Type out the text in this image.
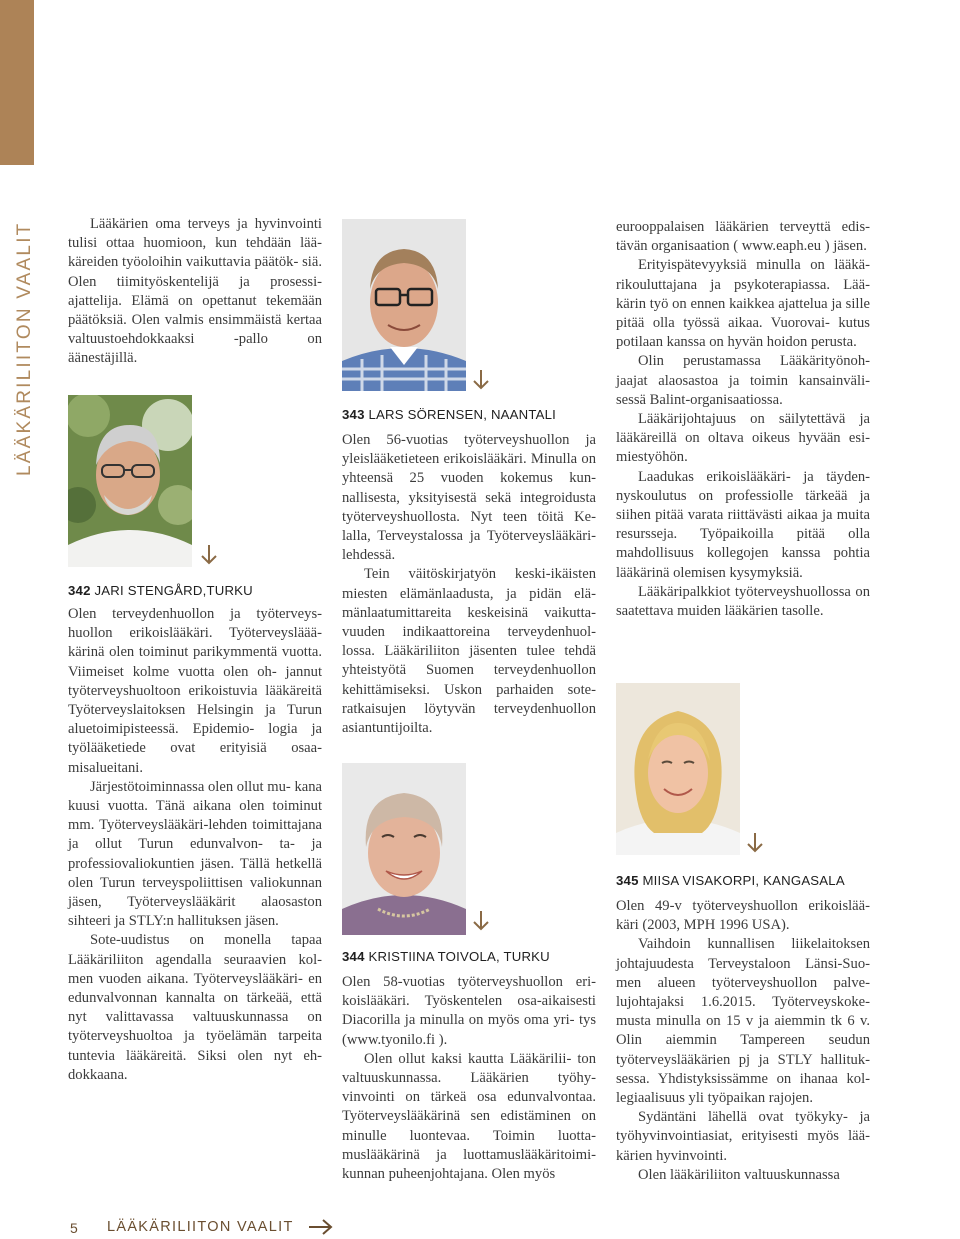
LÄÄKÄRILIITON VAALIT	Lääkärien oma terveys ja hyvinvointi tulisi ottaa huomioon, kun tehdään lää- käreiden työoloihin vaikuttavia päätök- siä. Olen tiimityöskentelijä ja prosessi- ajattelija. Elämä on opettanut tekemään päätöksiä. Olen valmis ensimmäistä kertaa valtuustoehdokkaaksi -pallo on äänestäjillä.

342 JARI STENGÅRD,TURKU

Olen terveydenhuollon ja työterveys- huollon erikoislääkäri. Työterveysläää- kärinä olen toiminut parikymmentä vuotta. Viimeiset kolme vuotta olen oh- jannut työterveyshuoltoon erikoistuvia lääkäreitä Työterveyslaitoksen Helsingin ja Turun aluetoimipisteessä. Epidemio- logia ja työlääketiede ovat erityisiä osaa- misalueitani.

Järjestötoiminnassa olen ollut mu- kana kuusi vuotta. Tänä aikana olen toiminut mm. Työterveyslääkäri-lehden toimittajana ja ollut Turun edunvalvon- ta- ja professiovaliokuntien jäsen. Tällä hetkellä olen Turun terveyspoliittisen valiokunnan jäsen, Työterveyslääkärit alaosaston sihteeri ja STLY:n hallituksen jäsen.

Sote-uudistus on monella tapaa Lääkäriliiton agendalla seuraavien kol- men vuoden aikana. Työterveyslääkäri- en edunvalvonnan kannalta on tärkeää, että nyt valittavassa valtuuskunnassa on työterveyshuoltoa ja työelämän tarpeita tuntevia lääkäreitä. Siksi olen nyt eh- dokkaana.

343 LARS SÖRENSEN, NAANTALI

Olen 56-vuotias työterveyshuollon ja yleislääketieteen erikoislääkäri. Minulla on yhteensä 25 vuoden kokemus kun- nallisesta, yksityisestä sekä integroidusta työterveyshuollosta. Nyt teen töitä Ke- lalla, Terveystalossa ja Työterveyslääkäri- lehdessä.

Tein väitöskirjatyön keski-ikäisten miesten elämänlaadusta, ja pidän elä- mänlaatumittareita keskeisinä vaikutta- vuuden indikaattoreina terveydenhuol- lossa. Lääkäriliiton jäsenten tulee tehdä yhteistyötä Suomen terveydenhuollon kehittämiseksi. Uskon parhaiden sote- ratkaisujen löytyvän terveydenhuollon asiantuntijoilta.

344 KRISTIINA TOIVOLA, TURKU

Olen 58-vuotias työterveyshuollon eri- koislääkäri. Työskentelen osa-aikaisesti Diacorilla ja minulla on myös oma yri- tys (www.tyonilo.fi ).

Olen ollut kaksi kautta Lääkärilii- ton valtuuskunnassa. Lääkärien työhy- vinvointi on tärkeä osa edunvalvontaa. Työterveyslääkärinä sen edistäminen on minulle luontevaa. Toimin luotta- muslääkärinä ja luottamuslääkäritoimi- kunnan puheenjohtajana. Olen myös

eurooppalaisen lääkärien terveyttä edis- tävän organisaation ( www.eaph.eu ) jäsen.

Erityispätevyyksiä minulla on lääkä- rikouluttajana ja psykoterapiassa. Lää- kärin työ on ennen kaikkea ajattelua ja sille pitää olla työssä aikaa. Vuorovai- kutus potilaan kanssa on hyvän hoidon perusta.

Olin perustamassa Lääkärityönoh- jaajat alaosastoa ja toimin kansainväli- sessä Balint-organisaatiossa.

Lääkärijohtajuus on säilytettävä ja lääkäreillä on oltava oikeus hyvään esi- miestyöhön.

Laadukas erikoislääkäri- ja täyden- nyskoulutus on professiolle tärkeää ja siihen pitää varata riittävästi aikaa ja muita resursseja. Työpaikoilla pitää olla mahdollisuus kollegojen kanssa pohtia lääkärinä olemisen kysymyksiä.

Lääkäripalkkiot työterveyshuollossa on saatettava muiden lääkärien tasolle.

345 MIISA VISAKORPI, KANGASALA

Olen 49-v työterveyshuollon erikoislää- käri (2003, MPH 1996 USA).

Vaihdoin kunnallisen liikelaitoksen johtajuudesta Terveystaloon Länsi-Suo- men alueen työterveyshuollon palve- lujohtajaksi 1.6.2015. Työterveyskoke- musta minulla on 15 v ja aiemmin tk 6 v. Olin aiemmin Tampereen seudun työterveyslääkärien pj ja STLY hallituk- sessa. Yhdistyksissämme on ihanaa kol- legiaalisuus yli työpaikan rajojen.

Sydäntäni lähellä ovat työkyky- ja työhyvinvointiasiat, erityisesti myös lää- kärien hyvinvointi.

Olen lääkäriliiton valtuuskunnassa

5 LÄÄKÄRILIITON VAALIT
